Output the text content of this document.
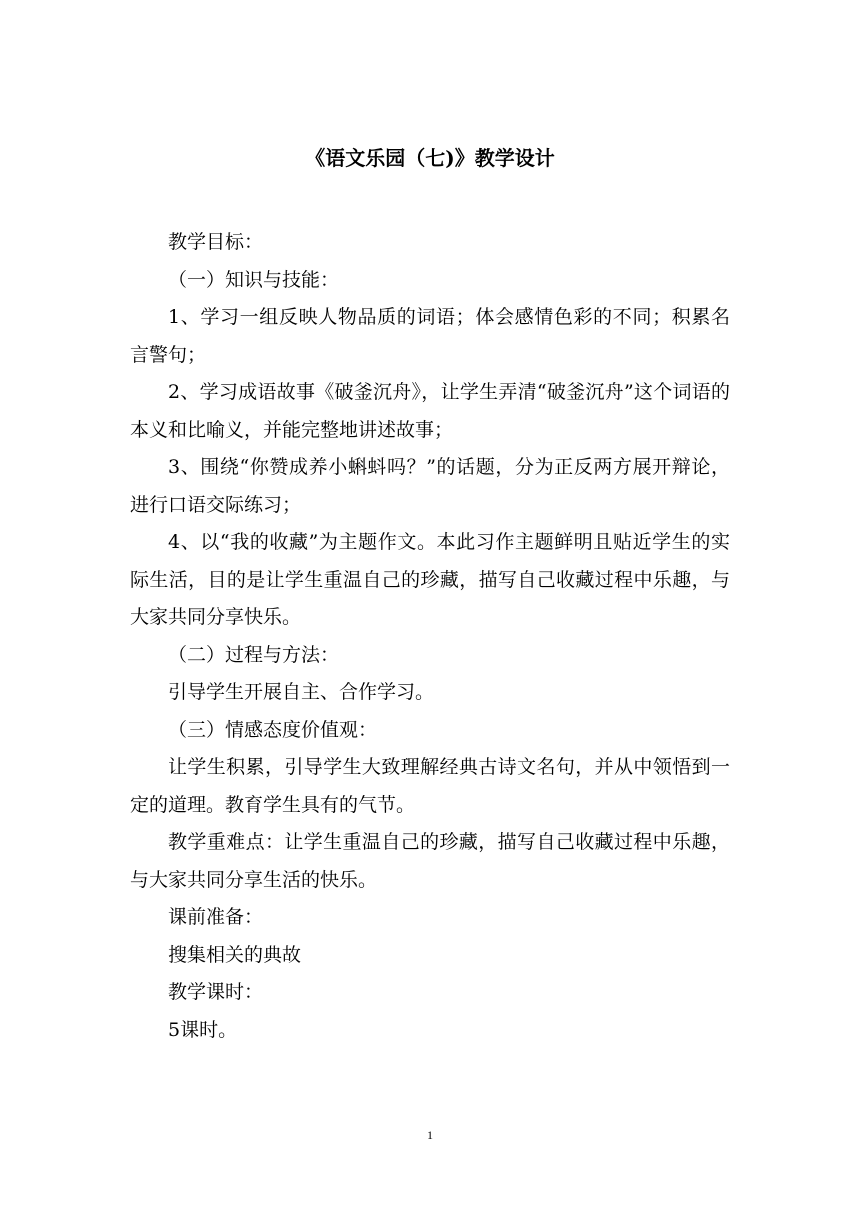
《语文乐园（七)》教学设计

教学目标：

（一）知识与技能：

1、学习一组反映人物品质的词语；体会感情色彩的不同；积累名言警句；

2、学习成语故事《破釜沉舟》，让学生弄清“破釜沉舟”这个词语的本义和比喻义，并能完整地讲述故事；

3、围绕“你赞成养小蝌蚪吗？”的话题，分为正反两方展开辩论，进行口语交际练习；

4、以“我的收藏”为主题作文。本此习作主题鲜明且贴近学生的实际生活，目的是让学生重温自己的珍藏，描写自己收藏过程中乐趣，与大家共同分享快乐。

（二）过程与方法：

引导学生开展自主、合作学习。

（三）情感态度价值观：

让学生积累，引导学生大致理解经典古诗文名句，并从中领悟到一定的道理。教育学生具有的气节。

教学重难点：让学生重温自己的珍藏，描写自己收藏过程中乐趣，与大家共同分享生活的快乐。

课前准备：

搜集相关的典故

教学课时：

5课时。

1
